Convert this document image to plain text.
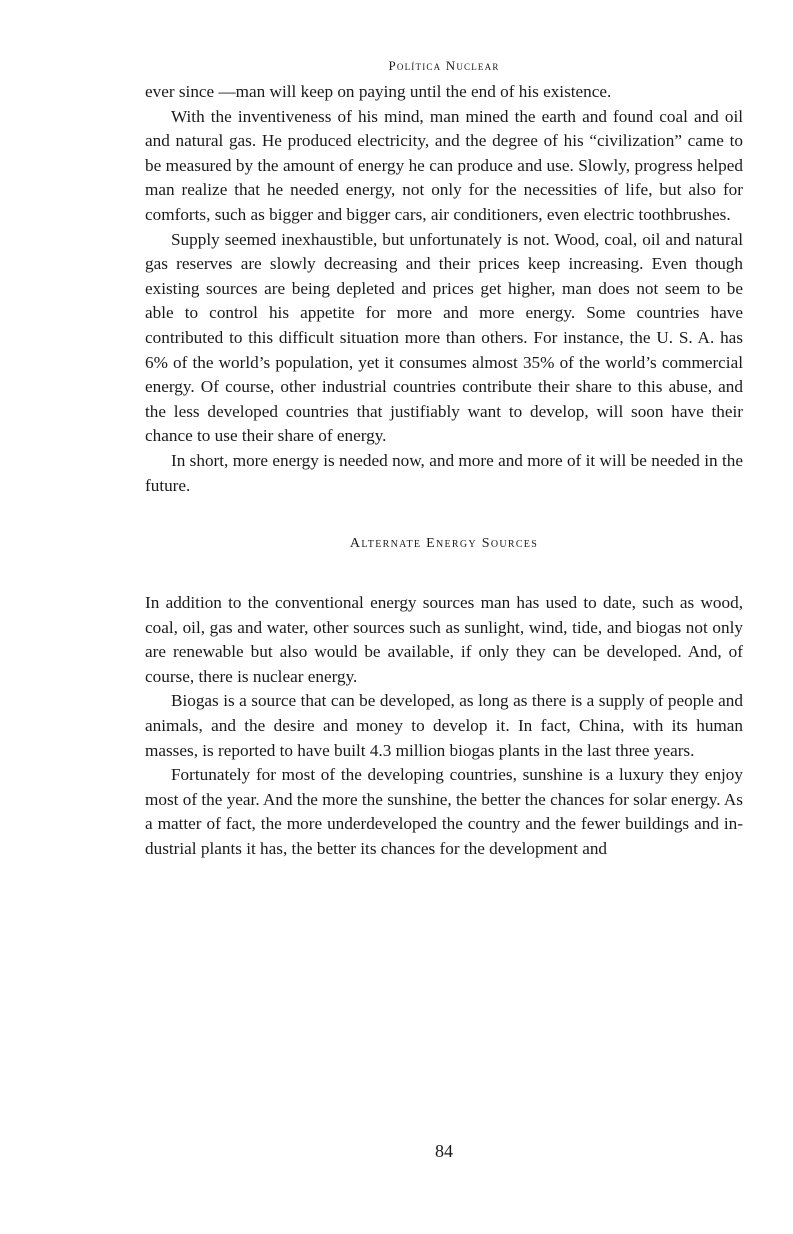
Política Nuclear

ever since —man will keep on paying until the end of his existence.

With the inventiveness of his mind, man mined the earth and found coal and oil and natural gas. He produced electricity, and the degree of his “civilization” came to be measured by the amount of energy he can produce and use. Slowly, progress helped man realize that he needed energy, not only for the necessities of life, but also for comforts, such as bigger and bigger cars, air conditioners, even electric toothbrushes.

Supply seemed inexhaustible, but unfortunately is not. Wood, coal, oil and natural gas reserves are slowly decreasing and their prices keep increasing. Even though existing sources are being depleted and prices get higher, man does not seem to be able to control his appetite for more and more energy. Some countries have contributed to this difficult situation more than others. For instance, the U. S. A. has 6% of the world’s population, yet it consumes almost 35% of the world’s commercial energy. Of course, other industrial countries contribute their share to this abuse, and the less developed countries that justifiably want to develop, will soon have their chance to use their share of energy.

In short, more energy is needed now, and more and more of it will be needed in the future.

Alternate Energy Sources

In addition to the conventional energy sources man has used to date, such as wood, coal, oil, gas and water, other sources such as sunlight, wind, tide, and biogas not only are renewable but also would be available, if only they can be developed. And, of course, there is nuclear energy.

Biogas is a source that can be developed, as long as there is a supply of people and animals, and the desire and money to develop it. In fact, China, with its human masses, is reported to have built 4.3 million biogas plants in the last three years.

Fortunately for most of the developing countries, sunshine is a luxury they enjoy most of the year. And the more the sunshine, the better the chances for solar energy. As a matter of fact, the more underdeveloped the country and the fewer buildings and industrial plants it has, the better its chances for the development and

84
